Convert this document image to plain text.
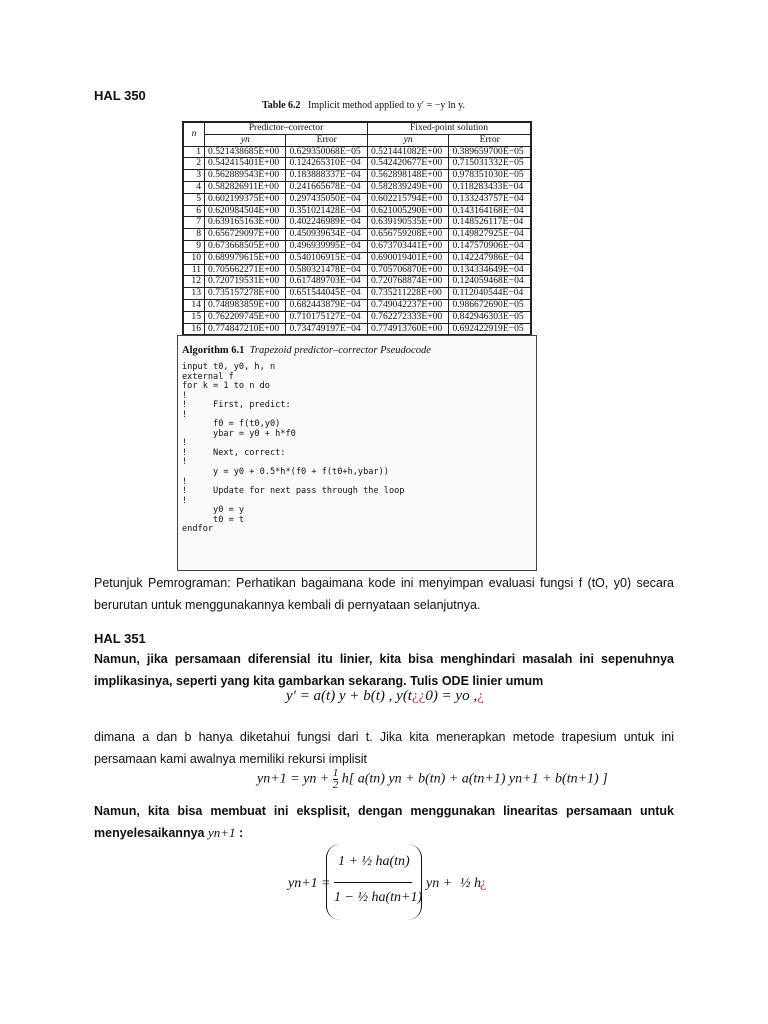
HAL 350
Table 6.2 Implicit method applied to y′ = −y ln y.
n	Predictor–corrector		Fixed-point solution	
	yn	Error	yn	Error
1	0.521438685E+00	0.629350068E−05	0.521441082E+00	0.389659700E−05
2	0.542415401E+00	0.124265310E−04	0.542420677E+00	0.715031332E−05
3	0.562889543E+00	0.183888337E−04	0.562898148E+00	0.978351030E−05
4	0.582826911E+00	0.241665678E−04	0.582839249E+00	0.118283433E−04
5	0.602199375E+00	0.297435050E−04	0.602215794E+00	0.133243757E−04
6	0.620984504E+00	0.351021428E−04	0.621005290E+00	0.143164168E−04
7	0.639165163E+00	0.402246989E−04	0.639190535E+00	0.148526117E−04
8	0.656729097E+00	0.450939634E−04	0.656759208E+00	0.149827925E−04
9	0.673668505E+00	0.496939995E−04	0.673703441E+00	0.147570906E−04
10	0.689979615E+00	0.540106915E−04	0.690019401E+00	0.142247986E−04
11	0.705662271E+00	0.580321478E−04	0.705706870E+00	0.134334649E−04
12	0.720719531E+00	0.617489703E−04	0.720768874E+00	0.124059468E−04
13	0.735157278E+00	0.651544045E−04	0.735211228E+00	0.112040544E−04
14	0.748983859E+00	0.682443879E−04	0.749042237E+00	0.986672690E−05
15	0.762209745E+00	0.710175127E−04	0.762272333E+00	0.842946303E−05
16	0.774847210E+00	0.734749197E−04	0.774913760E+00	0.692422919E−05
Algorithm 6.1 Trapezoid predictor–corrector Pseudocode
input t0, y0, h, n
external f
for k = 1 to n do
!
!     First, predict:
!
f0 = f(t0,y0)
ybar = y0 + h*f0
!
!     Next, correct:
!
y = y0 + 0.5*h*(f0 + f(t0+h,ybar))
!
!     Update for next pass through the loop
!
y0 = y
t0 = t
endfor
Petunjuk Pemrograman: Perhatikan bagaimana kode ini menyimpan evaluasi fungsi f (tO, y0) secara berurutan untuk menggunakannya kembali di pernyataan selanjutnya.
HAL 351
Namun, jika persamaan diferensial itu linier, kita bisa menghindari masalah ini sepenuhnya implikasinya, seperti yang kita gambarkan sekarang. Tulis ODE linier umum
y′ = a(t) y + b(t) , y(t¿¿0) = yo ,¿
dimana a dan b hanya diketahui fungsi dari t. Jika kita menerapkan metode trapesium untuk ini persamaan kami awalnya memiliki rekursi implisit
yn+1 = yn + $\frac{1}{2} h$[ a(tn) yn + b(tn) + a(tn+1) yn+1 + b(tn+1) ]
Namun, kita bisa membuat ini eksplisit, dengan menggunakan linearitas persamaan untuk menyelesaikannya yn+1 :
yn+1 =
1 + ½ ha(tn)
1 − ½ ha(tn+1)
yn + ½ h ¿
